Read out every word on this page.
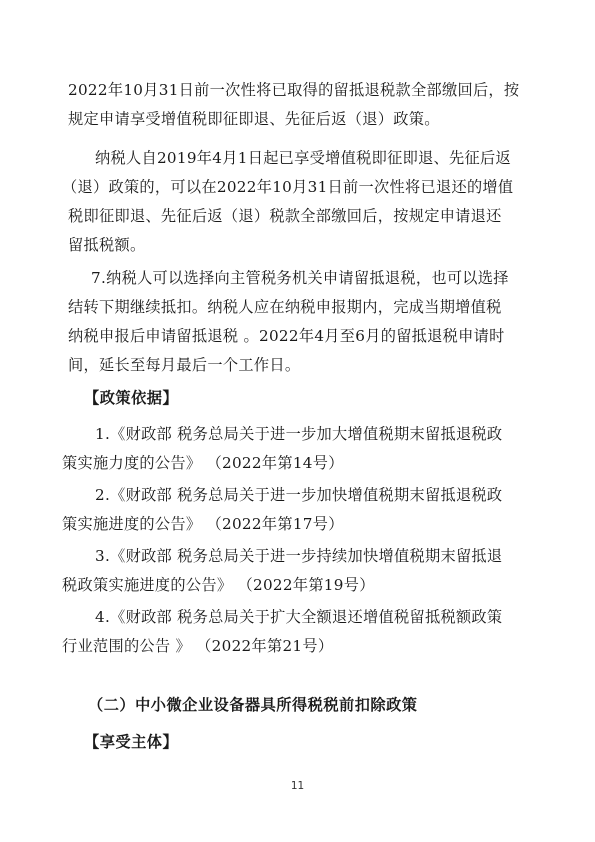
2022年10月31日前一次性将已取得的留抵退税款全部缴回后，按
规定申请享受增值税即征即退、先征后返（退）政策。
纳税人自2019年4月1日起已享受增值税即征即退、先征后返
（退）政策的，可以在2022年10月31日前一次性将已退还的增值
税即征即退、先征后返（退）税款全部缴回后，按规定申请退还
留抵税额。
7.纳税人可以选择向主管税务机关申请留抵退税，也可以选择
结转下期继续抵扣。纳税人应在纳税申报期内，完成当期增值税
纳税申报后申请留抵退税 。2022年4月至6月的留抵退税申请时
间，延长至每月最后一个工作日。
【政策依据】
1.《财政部 税务总局关于进一步加大增值税期末留抵退税政
策实施力度的公告》 （2022年第14号）
2.《财政部 税务总局关于进一步加快增值税期末留抵退税政
策实施进度的公告》 （2022年第17号）
3.《财政部 税务总局关于进一步持续加快增值税期末留抵退
税政策实施进度的公告》 （2022年第19号）
4.《财政部 税务总局关于扩大全额退还增值税留抵税额政策
行业范围的公告 》 （2022年第21号）
（二）中小微企业设备器具所得税税前扣除政策
【享受主体】
11
